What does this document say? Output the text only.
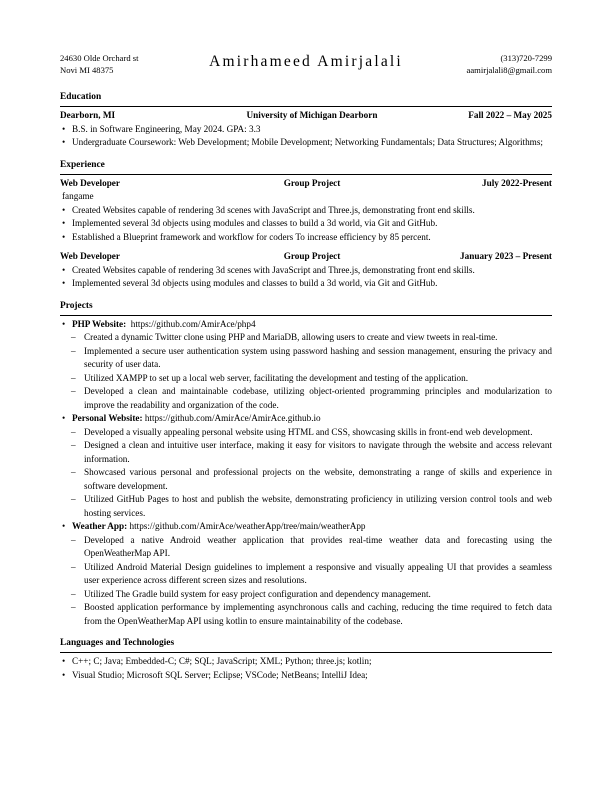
24630 Olde Orchard st
Novi MI 48375	Amirhameed Amirjalali	(313)720-7299
aamirjalali8@gmail.com
Education
Dearborn, MI	University of Michigan Dearborn	Fall 2022 – May 2025
• B.S. in Software Engineering, May 2024. GPA: 3.3
• Undergraduate Coursework: Web Development; Mobile Development; Networking Fundamentals; Data Structures; Algorithms;
Experience
Web Developer	Group Project	July 2022-Present
fangame
• Created Websites capable of rendering 3d scenes with JavaScript and Three.js, demonstrating front end skills.
• Implemented several 3d objects using modules and classes to build a 3d world, via Git and GitHub.
• Established a Blueprint framework and workflow for coders To increase efficiency by 85 percent.
Web Developer	Group Project	January 2023 – Present
• Created Websites capable of rendering 3d scenes with JavaScript and Three.js, demonstrating front end skills.
• Implemented several 3d objects using modules and classes to build a 3d world, via Git and GitHub.
Projects
• PHP Website: https://github.com/AmirAce/php4
– Created a dynamic Twitter clone using PHP and MariaDB, allowing users to create and view tweets in real-time.
– Implemented a secure user authentication system using password hashing and session management, ensuring the privacy and security of user data.
– Utilized XAMPP to set up a local web server, facilitating the development and testing of the application.
– Developed a clean and maintainable codebase, utilizing object-oriented programming principles and modularization to improve the readability and organization of the code.
• Personal Website: https://github.com/AmirAce/AmirAce.github.io
– Developed a visually appealing personal website using HTML and CSS, showcasing skills in front-end web development.
– Designed a clean and intuitive user interface, making it easy for visitors to navigate through the website and access relevant information.
– Showcased various personal and professional projects on the website, demonstrating a range of skills and experience in software development.
– Utilized GitHub Pages to host and publish the website, demonstrating proficiency in utilizing version control tools and web hosting services.
• Weather App: https://github.com/AmirAce/weatherApp/tree/main/weatherApp
– Developed a native Android weather application that provides real-time weather data and forecasting using the OpenWeatherMap API.
– Utilized Android Material Design guidelines to implement a responsive and visually appealing UI that provides a seamless user experience across different screen sizes and resolutions.
– Utilized The Gradle build system for easy project configuration and dependency management.
– Boosted application performance by implementing asynchronous calls and caching, reducing the time required to fetch data from the OpenWeatherMap API using kotlin to ensure maintainability of the codebase.
Languages and Technologies
• C++; C; Java; Embedded-C; C#; SQL; JavaScript; XML; Python; three.js; kotlin;
• Visual Studio; Microsoft SQL Server; Eclipse; VSCode; NetBeans; IntelliJ Idea;
